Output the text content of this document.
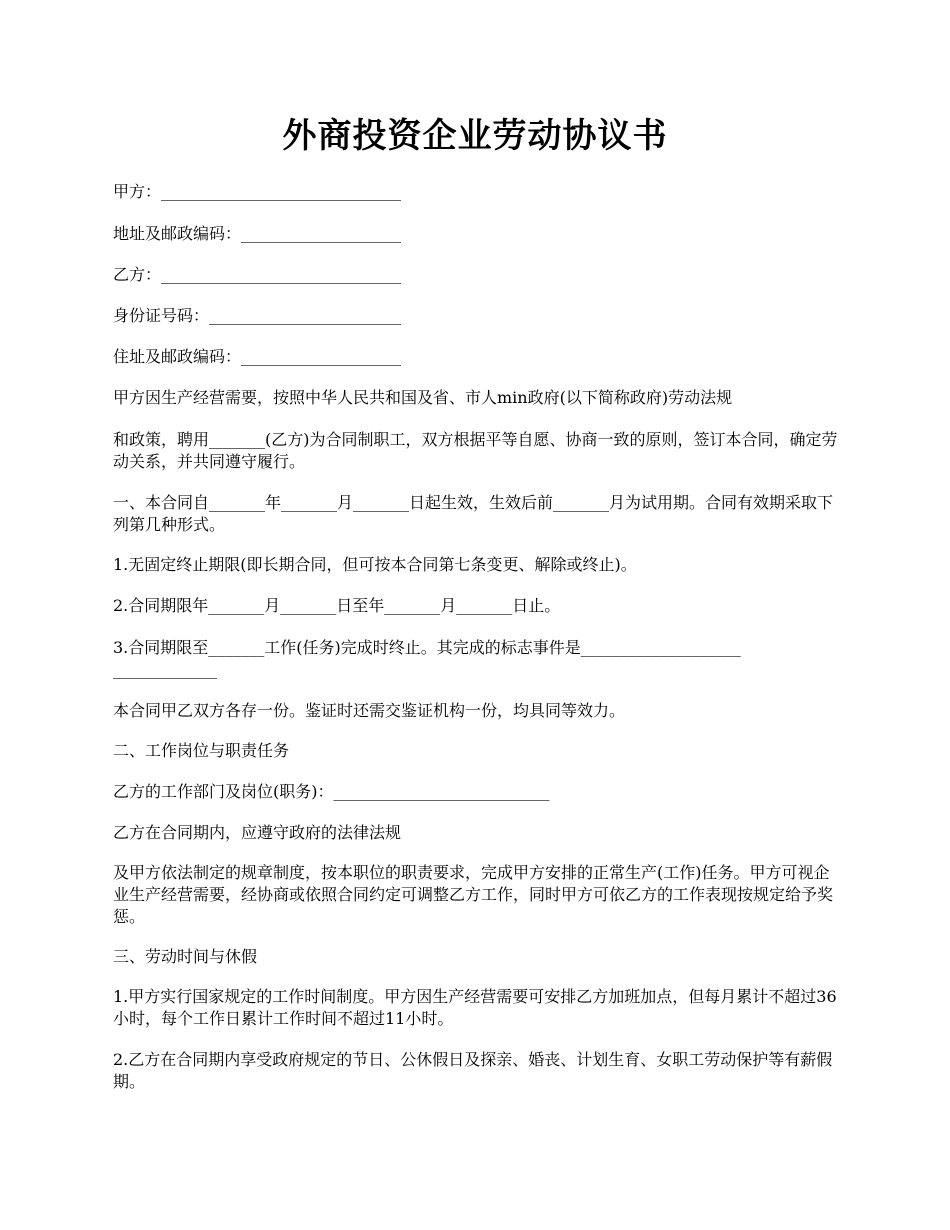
外商投资企业劳动协议书
甲方：______________________________
地址及邮政编码：____________________
乙方：______________________________
身份证号码：________________________
住址及邮政编码：____________________
甲方因生产经营需要，按照中华人民共和国及省、市人min政府(以下简称政府)劳动法规
和政策，聘用_______(乙方)为合同制职工，双方根据平等自愿、协商一致的原则，签订本合同，确定劳动关系，并共同遵守履行。
一、本合同自_______年_______月_______日起生效，生效后前_______月为试用期。合同有效期采取下列第几种形式。
1.无固定终止期限(即长期合同，但可按本合同第七条变更、解除或终止)。
2.合同期限年_______月_______日至年_______月_______日止。
3.合同期限至_______工作(任务)完成时终止。其完成的标志事件是____________________
_____________
本合同甲乙双方各存一份。鉴证时还需交鉴证机构一份，均具同等效力。
二、工作岗位与职责任务
乙方的工作部门及岗位(职务)：___________________________
乙方在合同期内，应遵守政府的法律法规
及甲方依法制定的规章制度，按本职位的职责要求，完成甲方安排的正常生产(工作)任务。甲方可视企业生产经营需要，经协商或依照合同约定可调整乙方工作，同时甲方可依乙方的工作表现按规定给予奖惩。
三、劳动时间与休假
1.甲方实行国家规定的工作时间制度。甲方因生产经营需要可安排乙方加班加点，但每月累计不超过36小时，每个工作日累计工作时间不超过11小时。
2.乙方在合同期内享受政府规定的节日、公休假日及探亲、婚丧、计划生育、女职工劳动保护等有薪假期。
